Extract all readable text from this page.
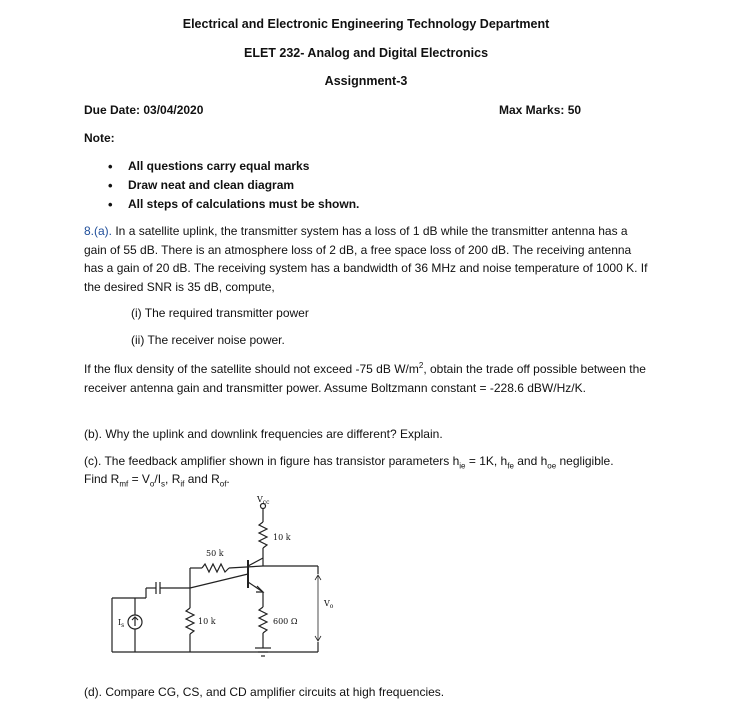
Electrical and Electronic Engineering Technology Department
ELET 232- Analog and Digital Electronics
Assignment-3
Due Date: 03/04/2020	Max Marks: 50
Note:
• All questions carry equal marks
• Draw neat and clean diagram
• All steps of calculations must be shown.
8.(a). In a satellite uplink, the transmitter system has a loss of 1 dB while the transmitter antenna has a gain of 55 dB. There is an atmosphere loss of 2 dB, a free space loss of 200 dB. The receiving antenna has a gain of 20 dB. The receiving system has a bandwidth of 36 MHz and noise temperature of 1000 K. If the desired SNR is 35 dB, compute,
(i) The required transmitter power
(ii) The receiver noise power.
If the flux density of the satellite should not exceed -75 dB $W/m^2$, obtain the trade off possible between the receiver antenna gain and transmitter power. Assume Boltzmann constant = -228.6 dBW/Hz/K.
(b). Why the uplink and downlink frequencies are different? Explain.
(c). The feedback amplifier shown in figure has transistor parameters $h_{ie} = 1K$, $h_{fe}$ and $h_{oe}$ negligible.
Find $R_{mf} = V_o/I_s$, $R_{if}$ and $R_{of}$.
$V_{cc}$
10 k
50 k
10 k	600 Ω
$V_o$
$I_s$
(d). Compare CG, CS, and CD amplifier circuits at high frequencies.
